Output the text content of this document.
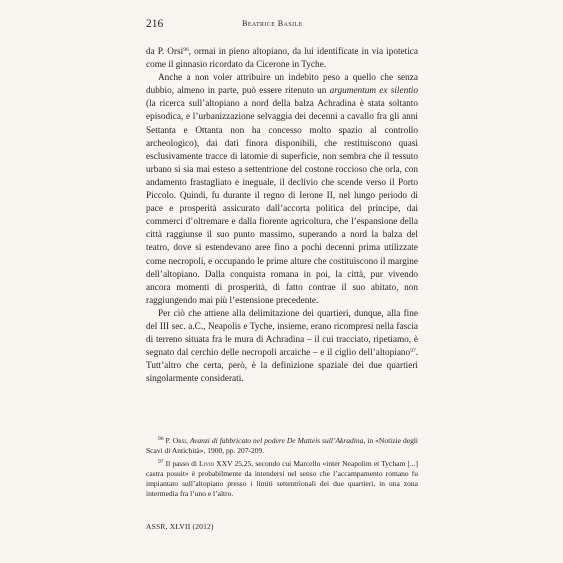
216	Beatrice Basile

da P. Orsi$^{96}$, ormai in pieno altopiano, da lui identificate in via ipotetica come il ginnasio ricordato da Cicerone in Tyche.

Anche a non voler attribuire un indebito peso a quello che senza dubbio, almeno in parte, può essere ritenuto un argumentum ex silentio (la ricerca sull’altopiano a nord della balza Achradina è stata soltanto episodica, e l’urbanizzazione selvaggia dei decenni a cavallo fra gli anni Settanta e Ottanta non ha concesso molto spazio al controllo archeologico), dai dati finora disponibili, che restituiscono quasi esclusivamente tracce di latomie di superficie, non sembra che il tessuto urbano si sia mai esteso a settentrione del costone roccioso che orla, con andamento frastagliato e ineguale, il declivio che scende verso il Porto Piccolo. Quindi, fu durante il regno di Ierone II, nel lungo periodo di pace e prosperità assicurato dall’accorta politica del principe, dai commerci d’oltremare e dalla fiorente agricoltura, che l’espansione della città raggiunse il suo punto massimo, superando a nord la balza del teatro, dove si estendevano aree fino a pochi decenni prima utilizzate come necropoli, e occupando le prime alture che costituiscono il margine dell’altopiano. Dalla conquista romana in poi, la città, pur vivendo ancora momenti di prosperità, di fatto contrae il suo abitato, non raggiungendo mai più l’estensione precedente.

Per ciò che attiene alla delimitazione dei quartieri, dunque, alla fine del III sec. a.C., Neapolis e Tyche, insieme, erano ricompresi nella fascia di terreno situata fra le mura di Achradina – il cui tracciato, ripetiamo, è segnato dal cerchio delle necropoli arcaiche – e il ciglio dell’altopiano$^{97}$. Tutt’altro che certa, però, è la definizione spaziale dei due quartieri singolarmente considerati.

$^{96}$ P. Orsi, Avanzi di fabbricato nel podere De Matteis sull’Akradina, in «Notizie degli Scavi di Antichità», 1900, pp. 207-209.

$^{97}$ Il passo di Livio XXV 25,25, secondo cui Marcello «inter Neapolim et Tycham [...] castra posuit» è probabilmente da intendersi nel senso che l’accampamento romano fu impiantato sull’altopiano presso i limiti settentrionali dei due quartieri, in una zona intermedia fra l’uno e l’altro.

ASSR, XLVII (2012)
